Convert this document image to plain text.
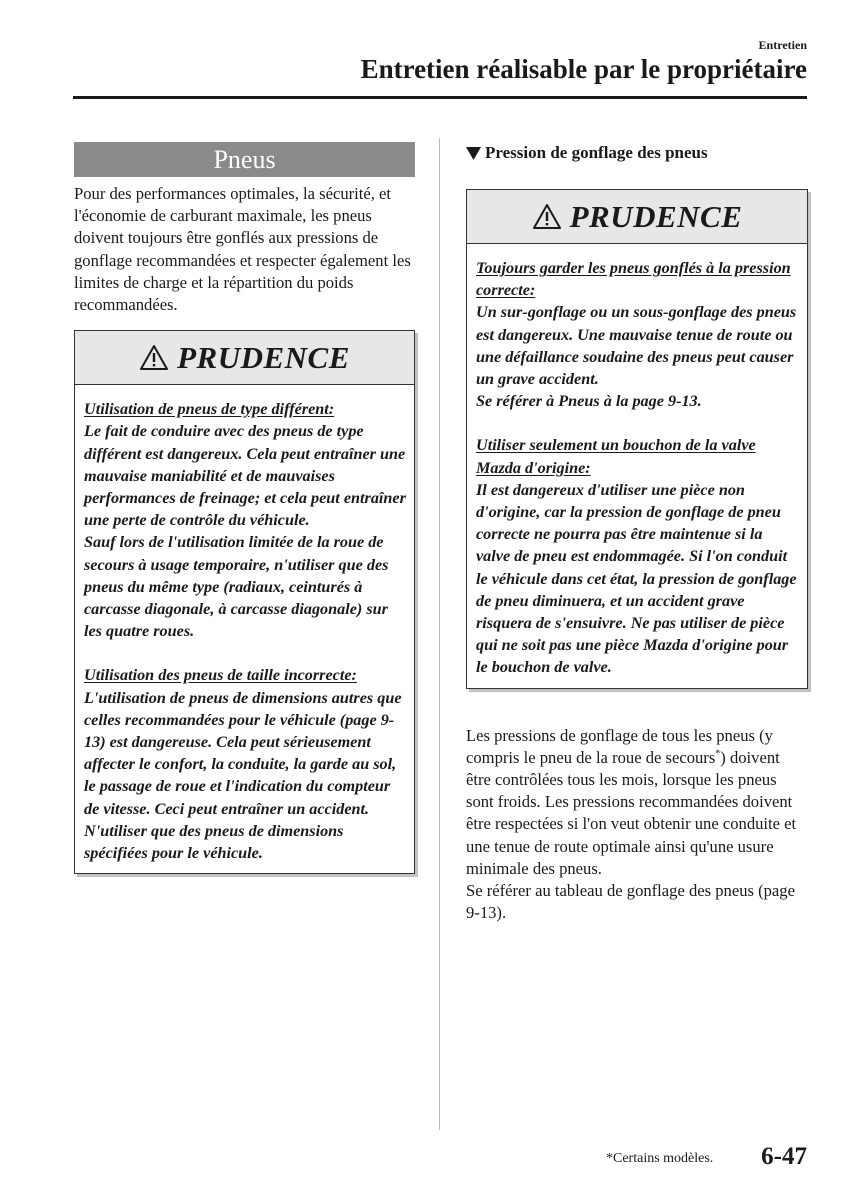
Entretien
Entretien réalisable par le propriétaire
Pneus

Pour des performances optimales, la sécurité, et l'économie de carburant maximale, les pneus doivent toujours être gonflés aux pressions de gonflage recommandées et respecter également les limites de charge et la répartition du poids recommandées.

PRUDENCE

Utilisation de pneus de type différent:

Le fait de conduire avec des pneus de type différent est dangereux. Cela peut entraîner une mauvaise maniabilité et de mauvaises performances de freinage; et cela peut entraîner une perte de contrôle du véhicule.

Sauf lors de l'utilisation limitée de la roue de secours à usage temporaire, n'utiliser que des pneus du même type (radiaux, ceinturés à carcasse diagonale, à carcasse diagonale) sur les quatre roues.

Utilisation des pneus de taille incorrecte:

L'utilisation de pneus de dimensions autres que celles recommandées pour le véhicule (page 9-13) est dangereuse. Cela peut sérieusement affecter le confort, la conduite, la garde au sol, le passage de roue et l'indication du compteur de vitesse. Ceci peut entraîner un accident. N'utiliser que des pneus de dimensions spécifiées pour le véhicule.

Pression de gonflage des pneus
PRUDENCE

Toujours garder les pneus gonflés à la pression correcte:

Un sur-gonflage ou un sous-gonflage des pneus est dangereux. Une mauvaise tenue de route ou une défaillance soudaine des pneus peut causer un grave accident.

Se référer à Pneus à la page 9-13.

Utiliser seulement un bouchon de la valve Mazda d'origine:

Il est dangereux d'utiliser une pièce non d'origine, car la pression de gonflage de pneu correcte ne pourra pas être maintenue si la valve de pneu est endommagée. Si l'on conduit le véhicule dans cet état, la pression de gonflage de pneu diminuera, et un accident grave risquera de s'ensuivre. Ne pas utiliser de pièce qui ne soit pas une pièce Mazda d'origine pour le bouchon de valve.

Les pressions de gonflage de tous les pneus (y compris le pneu de la roue de secours*) doivent être contrôlées tous les mois, lorsque les pneus sont froids. Les pressions recommandées doivent être respectées si l'on veut obtenir une conduite et une tenue de route optimale ainsi qu'une usure minimale des pneus.

Se référer au tableau de gonflage des pneus (page 9-13).

*Certains modèles. 6-47
